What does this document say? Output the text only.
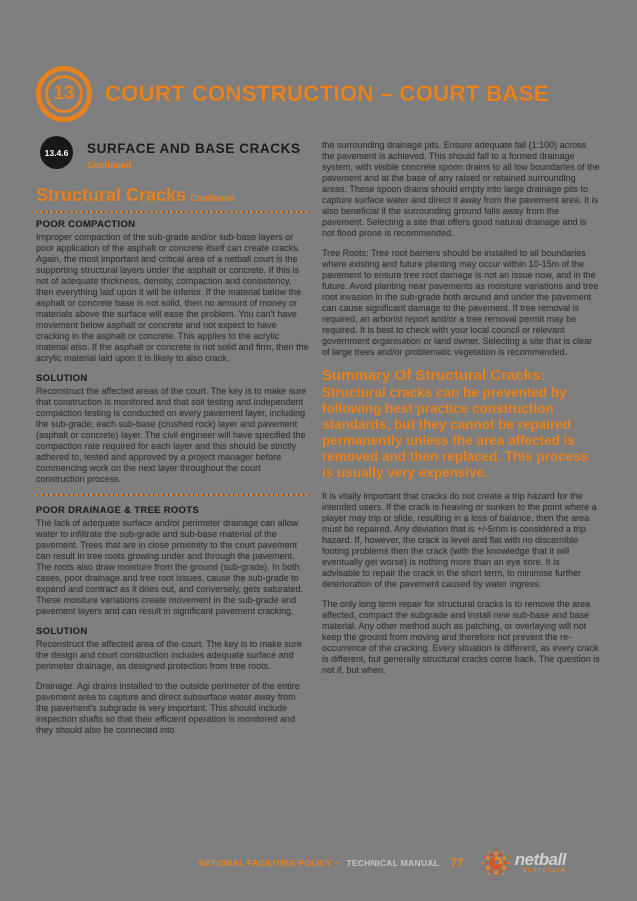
13 COURT CONSTRUCTION – COURT BASE
13.4.6	SURFACE AND BASE CRACKS
Continued
Structural Cracks Continued
POOR COMPACTION

Improper compaction of the sub-grade and/or sub-base layers or poor application of the asphalt or concrete itself can create cracks. Again, the most important and critical area of a netball court is the supporting structural layers under the asphalt or concrete. If this is not of adequate thickness, density, compaction and consistency, then everything laid upon it will be inferior. If the material below the asphalt or concrete base is not solid, then no amount of money or materials above the surface will ease the problem. You can't have movement below asphalt or concrete and not expect to have cracking in the asphalt or concrete. This applies to the acrylic material also. If the asphalt or concrete is not solid and firm, then the acrylic material laid upon it is likely to also crack.

SOLUTION

Reconstruct the affected areas of the court. The key is to make sure that construction is monitored and that soil testing and independent compaction testing is conducted on every pavement layer, including the sub-grade, each sub-base (crushed rock) layer and pavement (asphalt or concrete) layer. The civil engineer will have specified the compaction rate required for each layer and this should be strictly adhered to, tested and approved by a project manager before commencing work on the next layer throughout the court construction process.

POOR DRAINAGE & TREE ROOTS

The lack of adequate surface and/or perimeter drainage can allow water to infiltrate the sub-grade and sub-base material of the pavement. Trees that are in close proximity to the court pavement can result in tree roots growing under and through the pavement. The roots also draw moisture from the ground (sub-grade). In both cases, poor drainage and tree root issues, cause the sub-grade to expand and contract as it dries out, and conversely, gets saturated. These moisture variations create movement in the sub-grade and pavement layers and can result in significant pavement cracking.

SOLUTION

Reconstruct the affected area of the court. The key is to make sure the design and court construction includes adequate surface and perimeter drainage, as designed protection from tree roots.

Drainage: Agi drains installed to the outside perimeter of the entire pavement area to capture and direct subsurface water away from the pavement's subgrade is very important. This should include inspection shafts so that their efficient operation is monitored and they should also be connected into

the surrounding drainage pits. Ensure adequate fall (1:100) across the pavement is achieved. This should fall to a formed drainage system, with visible concrete spoon drains to all low boundaries of the pavement and at the base of any raised or retained surrounding areas. These spoon drains should empty into large drainage pits to capture surface water and direct it away from the pavement area. It is also beneficial if the surrounding ground falls away from the pavement. Selecting a site that offers good natural drainage and is not flood prone is recommended.

Tree Roots: Tree root barriers should be installed to all boundaries where existing and future planting may occur within 10-15m of the pavement to ensure tree root damage is not an issue now, and in the future. Avoid planting near pavements as moisture variations and tree root invasion in the sub-grade both around and under the pavement can cause significant damage to the pavement. If tree removal is required, an arborist report and/or a tree removal permit may be required. It is best to check with your local council or relevant government organisation or land owner. Selecting a site that is clear of large trees and/or problematic vegetation is recommended.

Summary Of Structural Cracks:
Structural cracks can be prevented by following best practice construction standards, but they cannot be repaired permanently unless the area affected is removed and then replaced. This process is usually very expensive.

It is vitally important that cracks do not create a trip hazard for the intended users. If the crack is heaving or sunken to the point where a player may trip or slide, resulting in a loss of balance, then the area must be repaired. Any deviation that is +/-5mm is considered a trip hazard. If, however, the crack is level and flat with no discernible footing problems then the crack (with the knowledge that it will eventually get worse) is nothing more than an eye sore. It is advisable to repair the crack in the short term, to minimise further deterioration of the pavement caused by water ingress.

The only long term repair for structural cracks is to remove the area affected, compact the subgrade and install new sub-base and base material. Any other method such as patching, or overlaying will not keep the ground from moving and therefore not prevent the re-occurrence of the cracking. Every situation is different, as every crack is different, but generally structural cracks come back. The question is not if, but when.

NATIONAL FACILITIES POLICY – TECHNICAL MANUAL 77	netball
AUSTRALIA
